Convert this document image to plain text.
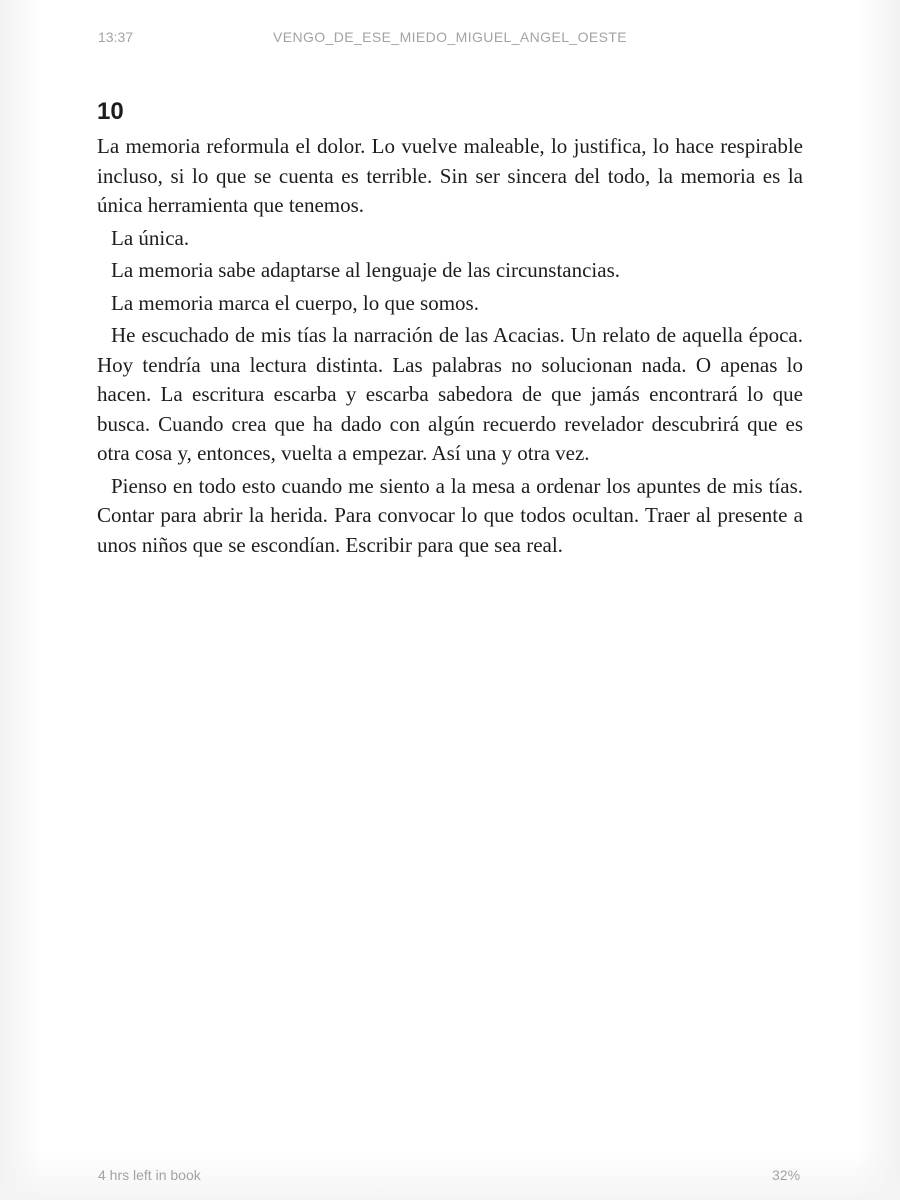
13:37	VENGO_DE_ESE_MIEDO_MIGUEL_ANGEL_OESTE
10

La memoria reformula el dolor. Lo vuelve maleable, lo justifica, lo hace respirable incluso, si lo que se cuenta es terrible. Sin ser sincera del todo, la memoria es la única herramienta que tenemos.

La única.

La memoria sabe adaptarse al lenguaje de las circunstancias.

La memoria marca el cuerpo, lo que somos.

He escuchado de mis tías la narración de las Acacias. Un relato de aquella época. Hoy tendría una lectura distinta. Las palabras no solucionan nada. O apenas lo hacen. La escritura escarba y escarba sabedora de que jamás encontrará lo que busca. Cuando crea que ha dado con algún recuerdo revelador descubrirá que es otra cosa y, entonces, vuelta a empezar. Así una y otra vez.

Pienso en todo esto cuando me siento a la mesa a ordenar los apuntes de mis tías. Contar para abrir la herida. Para convocar lo que todos ocultan. Traer al presente a unos niños que se escondían. Escribir para que sea real.

4 hrs left in book	32%
